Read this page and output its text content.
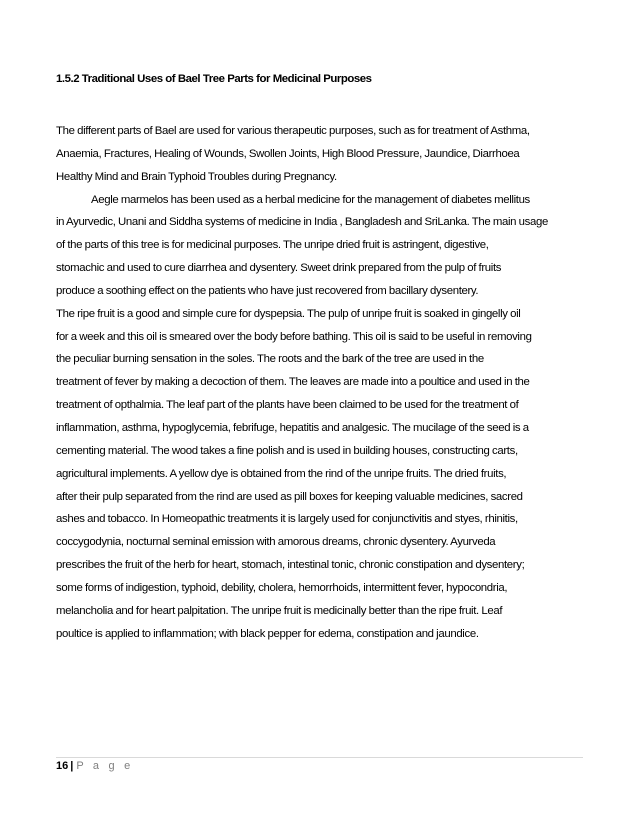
1.5.2 Traditional Uses of Bael Tree Parts for Medicinal Purposes
The different parts of Bael are used for various therapeutic purposes, such as for treatment of Asthma,
Anaemia, Fractures, Healing of Wounds, Swollen Joints, High Blood Pressure, Jaundice, Diarrhoea
Healthy Mind and Brain Typhoid Troubles during Pregnancy.
Aegle marmelos has been used as a herbal medicine for the management of diabetes mellitus
in Ayurvedic, Unani and Siddha systems of medicine in India , Bangladesh and SriLanka. The main usage
of the parts of this tree is for medicinal purposes. The unripe dried fruit is astringent, digestive,
stomachic and used to cure diarrhea and dysentery. Sweet drink prepared from the pulp of fruits
produce a soothing effect on the patients who have just recovered from bacillary dysentery.
The ripe fruit is a good and simple cure for dyspepsia. The pulp of unripe fruit is soaked in gingelly oil
for a week and this oil is smeared over the body before bathing. This oil is said to be useful in removing
the peculiar burning sensation in the soles. The roots and the bark of the tree are used in the
treatment of fever by making a decoction of them. The leaves are made into a poultice and used in the
treatment of opthalmia. The leaf part of the plants have been claimed to be used for the treatment of
inflammation, asthma, hypoglycemia, febrifuge, hepatitis and analgesic. The mucilage of the seed is a
cementing material. The wood takes a fine polish and is used in building houses, constructing carts,
agricultural implements. A yellow dye is obtained from the rind of the unripe fruits. The dried fruits,
after their pulp separated from the rind are used as pill boxes for keeping valuable medicines, sacred
ashes and tobacco. In Homeopathic treatments it is largely used for conjunctivitis and styes, rhinitis,
coccygodynia, nocturnal seminal emission with amorous dreams, chronic dysentery. Ayurveda
prescribes the fruit of the herb for heart, stomach, intestinal tonic, chronic constipation and dysentery;
some forms of indigestion, typhoid, debility, cholera, hemorrhoids, intermittent fever, hypocondria,
melancholia and for heart palpitation. The unripe fruit is medicinally better than the ripe fruit. Leaf
poultice is applied to inflammation; with black pepper for edema, constipation and jaundice.
16 | P a g e
